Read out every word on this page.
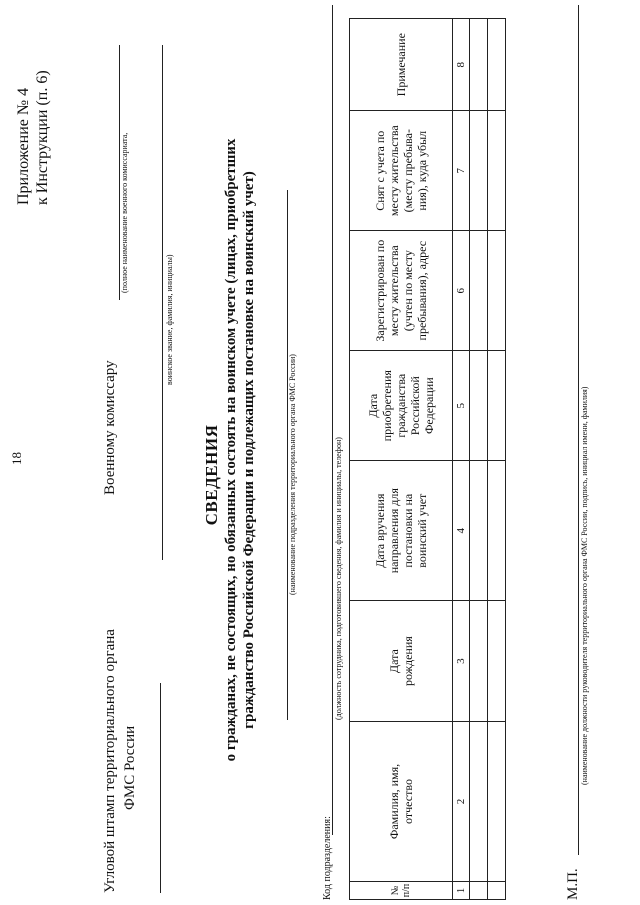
18
Приложение № 4 к Инструкции (п. 6)
Угловой штамп территориального органа ФМС России
Военному комиссару
(полное наименование военного комиссариата,
воинское звание, фамилия, инициалы)
СВЕДЕНИЯ о гражданах, не состоящих, но обязанных состоять на воинском учете (лицах, приобретших гражданство Российской Федерации и подлежащих постановке на воинский учет)	(наименование подразделения территориального органа ФМС России)
Код подразделения:
(должность сотрудника, подготовившего сведения, фамилия и инициалы, телефон)
№ п/п	Фамилия, имя, отчество	Дата рождения	Дата вручения направления для постановки на воинский учет	Дата приобретения гражданства Российской Федерации	Зарегистрирован по месту жительства (учтен по месту пребывания), адрес	Снят с учета по месту жительства (месту пребыва-ния), куда убыл	Примечание
1	2	3	4	5	6	7	8

М.П.
(наименование должности руководителя территориального органа ФМС России, подпись, инициал имени, фамилия)
